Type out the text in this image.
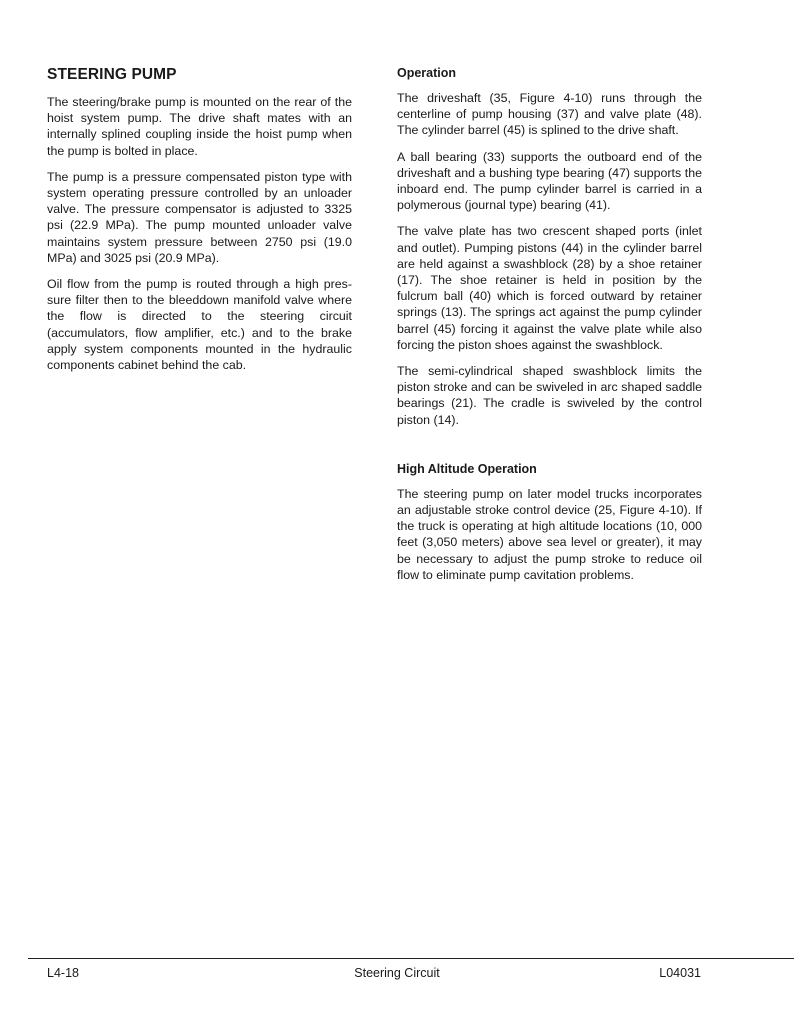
STEERING PUMP

The steering/brake pump is mounted on the rear of the hoist system pump. The drive shaft mates with an internally splined coupling inside the hoist pump when the pump is bolted in place.

The pump is a pressure compensated piston type with system operating pressure controlled by an unloader valve. The pressure compensator is adjusted to 3325 psi (22.9 MPa). The pump mounted unloader valve maintains system pressure between 2750 psi (19.0 MPa) and 3025 psi (20.9 MPa).

Oil flow from the pump is routed through a high pressure filter then to the bleeddown manifold valve where the flow is directed to the steering circuit (accumulators, flow amplifier, etc.) and to the brake apply system components mounted in the hydraulic components cabinet behind the cab.

Operation

The driveshaft (35, Figure 4-10) runs through the centerline of pump housing (37) and valve plate (48). The cylinder barrel (45) is splined to the drive shaft.

A ball bearing (33) supports the outboard end of the driveshaft and a bushing type bearing (47) supports the inboard end. The pump cylinder barrel is carried in a polymerous (journal type) bearing (41).

The valve plate has two crescent shaped ports (inlet and outlet). Pumping pistons (44) in the cylinder barrel are held against a swashblock (28) by a shoe retainer (17). The shoe retainer is held in position by the fulcrum ball (40) which is forced outward by retainer springs (13). The springs act against the pump cylinder barrel (45) forcing it against the valve plate while also forcing the piston shoes against the swashblock.

The semi-cylindrical shaped swashblock limits the piston stroke and can be swiveled in arc shaped saddle bearings (21). The cradle is swiveled by the control piston (14).

High Altitude Operation

The steering pump on later model trucks incorporates an adjustable stroke control device (25, Figure 4-10). If the truck is operating at high altitude locations (10, 000 feet (3,050 meters) above sea level or greater), it may be necessary to adjust the pump stroke to reduce oil flow to eliminate pump cavitation problems.

L4-18	Steering Circuit	L04031
